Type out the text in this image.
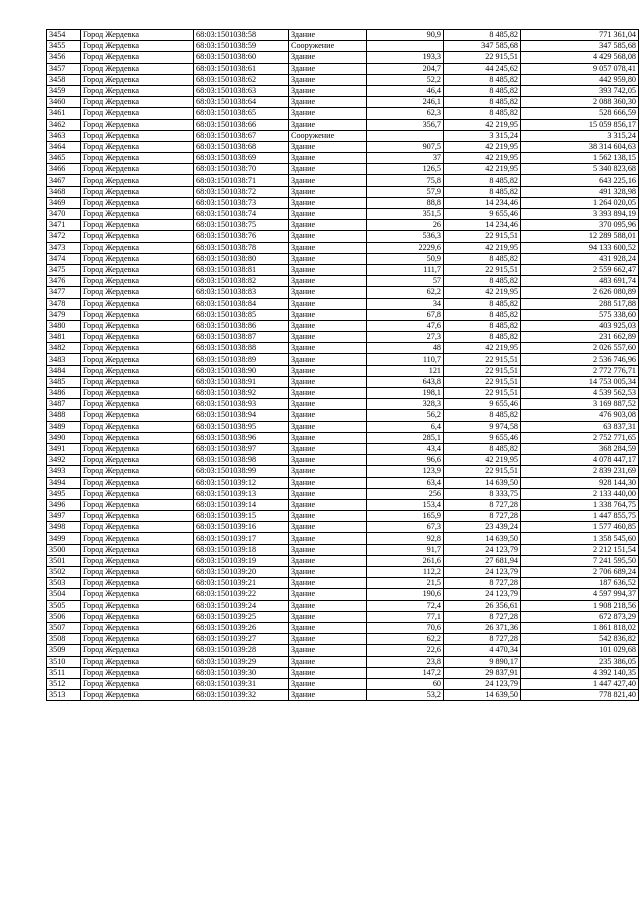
3454	Город Жердевка	68:03:1501038:58	Здание	90,9	8 485,82	771 361,04
3455	Город Жердевка	68:03:1501038:59	Сооружение		347 585,68	347 585,68
3456	Город Жердевка	68:03:1501038:60	Здание	193,3	22 915,51	4 429 568,08
3457	Город Жердевка	68:03:1501038:61	Здание	204,7	44 245,62	9 057 078,41
3458	Город Жердевка	68:03:1501038:62	Здание	52,2	8 485,82	442 959,80
3459	Город Жердевка	68:03:1501038:63	Здание	46,4	8 485,82	393 742,05
3460	Город Жердевка	68:03:1501038:64	Здание	246,1	8 485,82	2 088 360,30
3461	Город Жердевка	68:03:1501038:65	Здание	62,3	8 485,82	528 666,59
3462	Город Жердевка	68:03:1501038:66	Здание	356,7	42 219,95	15 059 856,17
3463	Город Жердевка	68:03:1501038:67	Сооружение		3 315,24	3 315,24
3464	Город Жердевка	68:03:1501038:68	Здание	907,5	42 219,95	38 314 604,63
3465	Город Жердевка	68:03:1501038:69	Здание	37	42 219,95	1 562 138,15
3466	Город Жердевка	68:03:1501038:70	Здание	126,5	42 219,95	5 340 823,68
3467	Город Жердевка	68:03:1501038:71	Здание	75,8	8 485,82	643 225,16
3468	Город Жердевка	68:03:1501038:72	Здание	57,9	8 485,82	491 328,98
3469	Город Жердевка	68:03:1501038:73	Здание	88,8	14 234,46	1 264 020,05
3470	Город Жердевка	68:03:1501038:74	Здание	351,5	9 655,46	3 393 894,19
3471	Город Жердевка	68:03:1501038:75	Здание	26	14 234,46	370 095,96
3472	Город Жердевка	68:03:1501038:76	Здание	536,3	22 915,51	12 289 588,01
3473	Город Жердевка	68:03:1501038:78	Здание	2229,6	42 219,95	94 133 600,52
3474	Город Жердевка	68:03:1501038:80	Здание	50,9	8 485,82	431 928,24
3475	Город Жердевка	68:03:1501038:81	Здание	111,7	22 915,51	2 559 662,47
3476	Город Жердевка	68:03:1501038:82	Здание	57	8 485,82	483 691,74
3477	Город Жердевка	68:03:1501038:83	Здание	62,2	42 219,95	2 626 080,89
3478	Город Жердевка	68:03:1501038:84	Здание	34	8 485,82	288 517,88
3479	Город Жердевка	68:03:1501038:85	Здание	67,8	8 485,82	575 338,60
3480	Город Жердевка	68:03:1501038:86	Здание	47,6	8 485,82	403 925,03
3481	Город Жердевка	68:03:1501038:87	Здание	27,3	8 485,82	231 662,89
3482	Город Жердевка	68:03:1501038:88	Здание	48	42 219,95	2 026 557,60
3483	Город Жердевка	68:03:1501038:89	Здание	110,7	22 915,51	2 536 746,96
3484	Город Жердевка	68:03:1501038:90	Здание	121	22 915,51	2 772 776,71
3485	Город Жердевка	68:03:1501038:91	Здание	643,8	22 915,51	14 753 005,34
3486	Город Жердевка	68:03:1501038:92	Здание	198,1	22 915,51	4 539 562,53
3487	Город Жердевка	68:03:1501038:93	Здание	328,3	9 655,46	3 169 887,52
3488	Город Жердевка	68:03:1501038:94	Здание	56,2	8 485,82	476 903,08
3489	Город Жердевка	68:03:1501038:95	Здание	6,4	9 974,58	63 837,31
3490	Город Жердевка	68:03:1501038:96	Здание	285,1	9 655,46	2 752 771,65
3491	Город Жердевка	68:03:1501038:97	Здание	43,4	8 485,82	368 284,59
3492	Город Жердевка	68:03:1501038:98	Здание	96,6	42 219,95	4 078 447,17
3493	Город Жердевка	68:03:1501038:99	Здание	123,9	22 915,51	2 839 231,69
3494	Город Жердевка	68:03:1501039:12	Здание	63,4	14 639,50	928 144,30
3495	Город Жердевка	68:03:1501039:13	Здание	256	8 333,75	2 133 440,00
3496	Город Жердевка	68:03:1501039:14	Здание	153,4	8 727,28	1 338 764,75
3497	Город Жердевка	68:03:1501039:15	Здание	165,9	8 727,28	1 447 855,75
3498	Город Жердевка	68:03:1501039:16	Здание	67,3	23 439,24	1 577 460,85
3499	Город Жердевка	68:03:1501039:17	Здание	92,8	14 639,50	1 358 545,60
3500	Город Жердевка	68:03:1501039:18	Здание	91,7	24 123,79	2 212 151,54
3501	Город Жердевка	68:03:1501039:19	Здание	261,6	27 681,94	7 241 595,50
3502	Город Жердевка	68:03:1501039:20	Здание	112,2	24 123,79	2 706 689,24
3503	Город Жердевка	68:03:1501039:21	Здание	21,5	8 727,28	187 636,52
3504	Город Жердевка	68:03:1501039:22	Здание	190,6	24 123,79	4 597 994,37
3505	Город Жердевка	68:03:1501039:24	Здание	72,4	26 356,61	1 908 218,56
3506	Город Жердевка	68:03:1501039:25	Здание	77,1	8 727,28	672 873,29
3507	Город Жердевка	68:03:1501039:26	Здание	70,6	26 371,36	1 861 818,02
3508	Город Жердевка	68:03:1501039:27	Здание	62,2	8 727,28	542 836,82
3509	Город Жердевка	68:03:1501039:28	Здание	22,6	4 470,34	101 029,68
3510	Город Жердевка	68:03:1501039:29	Здание	23,8	9 890,17	235 386,05
3511	Город Жердевка	68:03:1501039:30	Здание	147,2	29 837,91	4 392 140,35
3512	Город Жердевка	68:03:1501039:31	Здание	60	24 123,79	1 447 427,40
3513	Город Жердевка	68:03:1501039:32	Здание	53,2	14 639,50	778 821,40
